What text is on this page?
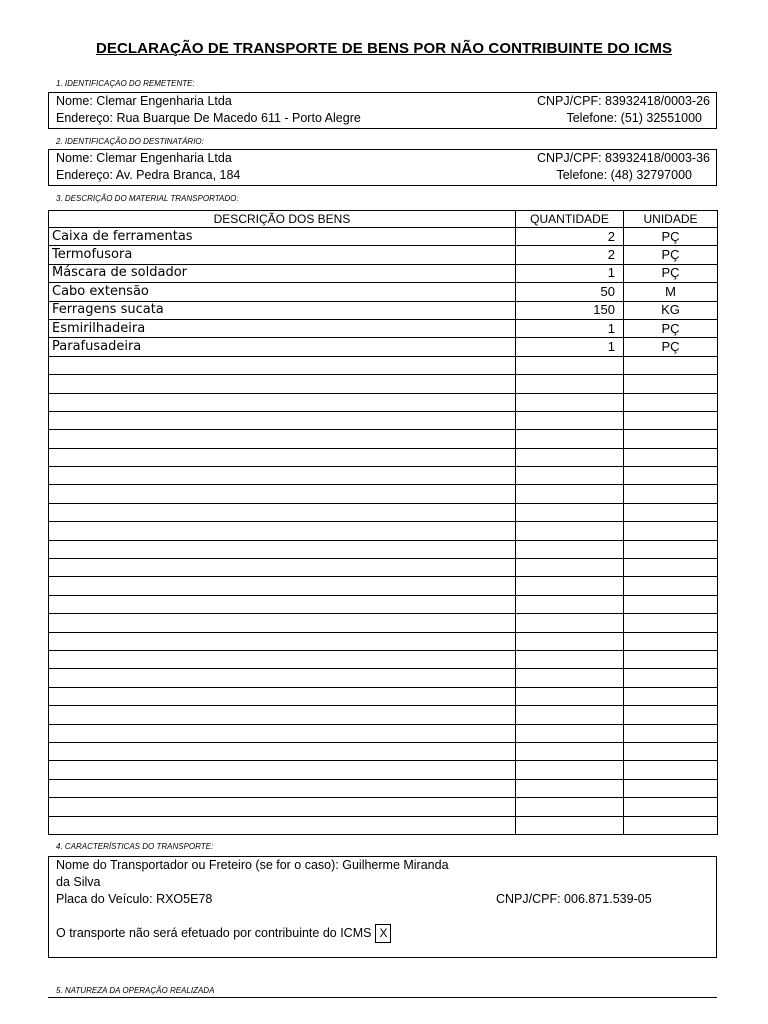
DECLARAÇÃO DE TRANSPORTE DE BENS POR NÃO CONTRIBUINTE DO ICMS
1. IDENTIFICAÇAO DO REMETENTE:
Nome: Clemar Engenharia Ltda	CNPJ/CPF: 83932418/0003-26
Endereço: Rua Buarque De Macedo 611 - Porto Alegre	Telefone: (51) 32551000
2. IDENTIFICAÇÃO DO DESTINATÁRIO:
Nome: Clemar Engenharia Ltda	CNPJ/CPF: 83932418/0003-36
Endereço: Av. Pedra Branca, 184	Telefone: (48) 32797000
3. DESCRIÇÃO DO MATERIAL TRANSPORTADO:
DESCRIÇÃO DOS BENS	QUANTIDADE	UNIDADE
Caixa de ferramentas	2	PÇ
Termofusora	2	PÇ
Máscara de soldador	1	PÇ
Cabo extensão	50	M
Ferragens sucata	150	KG
Esmirilhadeira	1	PÇ
Parafusadeira	1	PÇ

4. CARACTERÍSTICAS DO TRANSPORTE:
Nome do Transportador ou Freteiro (se for o caso): Guilherme Miranda
da Silva
Placa do Veículo: RXO5E78	CNPJ/CPF: 006.871.539-05
O transporte não será efetuado por contribuinte do ICMS X
5. NATUREZA DA OPERAÇÃO REALIZADA
